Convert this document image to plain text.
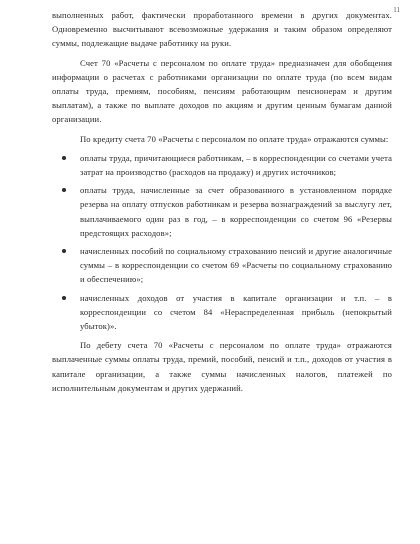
11

выполненных работ, фактически проработанного времени в других документах. Одновременно высчитывают всевозможные удержания и таким образом определяют суммы, подлежащие выдаче работнику на руки.

Счет 70 «Расчеты с персоналом по оплате труда» предназначен для обобщения информации о расчетах с работниками организации по оплате труда (по всем видам оплаты труда, премиям, пособиям, пенсиям работающим пенсионерам и другим выплатам), а также по выплате доходов по акциям и другим ценным бумагам данной организации.

По кредиту счета 70 «Расчеты с персоналом по оплате труда» отражаются суммы:

оплаты труда, причитающиеся работникам, – в корреспонденции со счетами учета затрат на производство (расходов на продажу) и других источников;
оплаты труда, начисленные за счет образованного в установленном порядке резерва на оплату отпусков работникам и резерва вознаграждений за выслугу лет, выплачиваемого один раз в год, – в корреспонденции со счетом 96 «Резервы предстоящих расходов»;
начисленных пособий по социальному страхованию пенсий и другие аналогичные суммы – в корреспонденции со счетом 69 «Расчеты по социальному страхованию и обеспечению»;
начисленных доходов от участия в капитале организации и т.п. – в корреспонденции со счетом 84 «Нераспределенная прибыль (непокрытый убыток)».

По дебету счета 70 «Расчеты с персоналом по оплате труда» отражаются выплаченные суммы оплаты труда, премий, пособий, пенсий и т.п., доходов от участия в капитале организации, а также суммы начисленных налогов, платежей по исполнительным документам и других удержаний.
